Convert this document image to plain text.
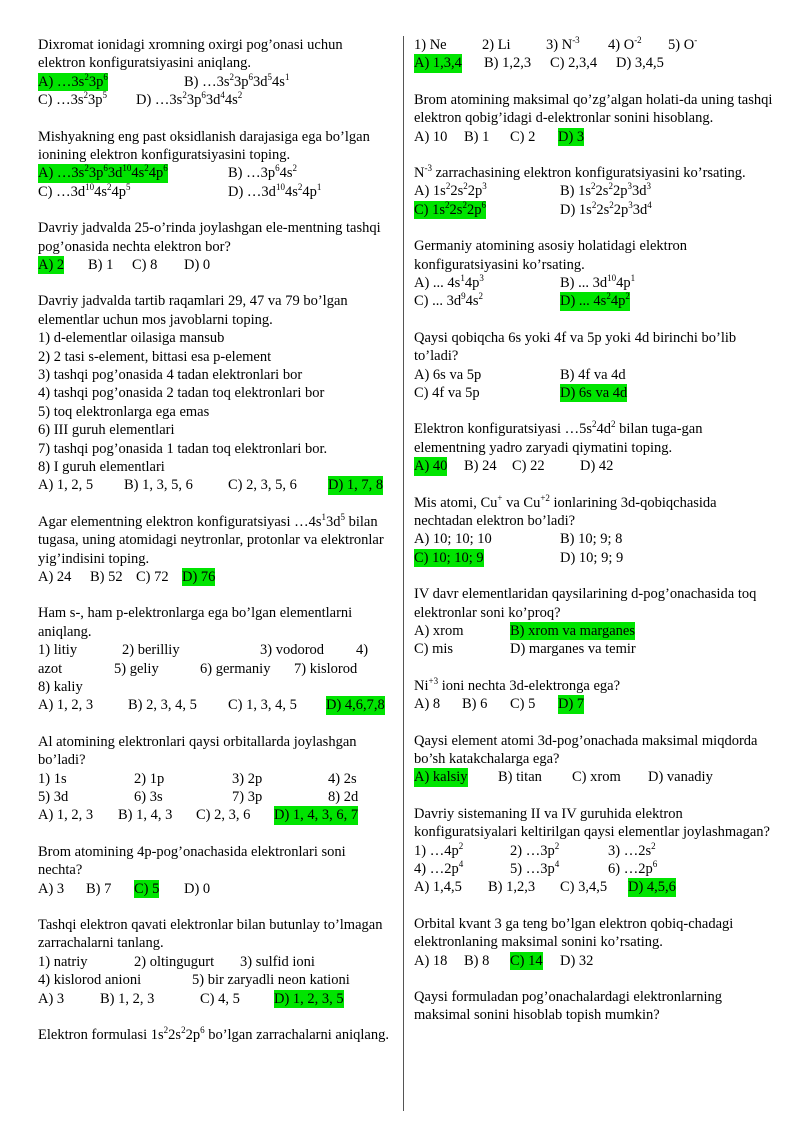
Dixromat ionidagi xromning oxirgi pog’onasi uchun elektron konfiguratsiyasini aniqlang.
A) $\dots 3s^23p^6$	B) $\dots 3s^23p^63d^54s^1$
C) $\dots 3s^23p^5$ D) $\dots 3s^23p^63d^44s^2$
Mishyakning eng past oksidlanish darajasiga ega bo’lgan ionining elektron konfiguratsiyasini toping.
A) $\dots 3s^23p^63d^{10}4s^24p^6$	B) $\dots 3p^64s^2$
C) $\dots 3d^{10}4s^24p^5$	D) $\dots 3d^{10}4s^24p^1$
Davriy jadvalda 25-o’rinda joylashgan ele-mentning tashqi pog’onasida nechta elektron bor?
A) 2 B) 1 C) 8 D) 0
Davriy jadvalda tartib raqamlari 29, 47 va 79 bo’lgan elementlar uchun mos javoblarni toping.
1) d-elementlar oilasiga mansub
2) 2 tasi s-element, bittasi esa p-element
3) tashqi pog’onasida 4 tadan elektronlari bor
4) tashqi pog’onasida 2 tadan toq elektronlari bor
5) toq elektronlarga ega emas
6) III guruh elementlari
7) tashqi pog’onasida 1 tadan toq elektronlari bor.
8) I guruh elementlari
A) 1, 2, 5 B) 1, 3, 5, 6 C) 2, 3, 5, 6 D) 1, 7, 8
Agar elementning elektron konfiguratsiyasi $\dots 4s^13d^5$ bilan tugasa, uning atomidagi neytronlar, protonlar va elektronlar yig’indisini toping.
A) 24 B) 52 C) 72 D) 76
Ham s-, ham p-elektronlarga ega bo’lgan elementlarni aniqlang.
1) litiy	2) berilliy	3) vodorod 4)
azot	5) geliy	6) germaniy 7) kislorod
8) kaliy
A) 1, 2, 3 B) 2, 3, 4, 5 C) 1, 3, 4, 5 D) 4,6,7,8
Al atomining elektronlari qaysi orbitallarda joylashgan bo’ladi?
1) 1s	2) 1p	3) 2p	4) 2s
5) 3d	6) 3s	7) 3p	8) 2d
A) 1, 2, 3 B) 1, 4, 3 C) 2, 3, 6 D) 1, 4, 3, 6, 7
Brom atomining 4p-pog’onachasida elektronlari soni nechta?
A) 3 B) 7 C) 5 D) 0
Tashqi elektron qavati elektronlar bilan butunlay to’lmagan zarrachalarni tanlang.
1) natriy	2) oltingugurt 3) sulfid ioni
4) kislorod anioni	5) bir zaryadli neon kationi
A) 3 B) 1, 2, 3	C) 4, 5 D) 1, 2, 3, 5
Elektron formulasi $1s^22s^22p^6$ bo’lgan zarrachalarni aniqlang.
1) Ne 2) Li 3) $N^{-3}$ 4) $O^{-2}$ 5) O-
A) 1,3,4 B) 1,2,3 C) 2,3,4 D) 3,4,5
Brom atomining maksimal qo’zg’algan holati-da uning tashqi elektron qobig’idagi d-elektronlar sonini hisoblang.
A) 10 B) 1 C) 2 D) 3
$N^{-3}$ zarrachasining elektron konfiguratsiyasini ko’rsating.
A) $1s^22s^22p^3$	B) $1s^22s^22p^33d^3$
C) $1s^22s^22p^6$	D) $1s^22s^22p^33d^4$
Germaniy atomining asosiy holatidagi elektron konfiguratsiyasini ko’rsating.
A) ... $4s^14p^3$	B) ... $3d^{10}4p^1$
C) ... $3d^94s^2$	D) ... $4s^24p^2$
Qaysi qobiqcha 6s yoki 4f va 5p yoki 4d birinchi bo’lib to’ladi?
A) 6s va 5p	B) 4f va 4d
C) 4f va 5p	D) 6s va 4d
Elektron konfiguratsiyasi $\dots 5s^24d^2$ bilan tuga-gan elementning yadro zaryadi qiymatini toping.
A) 40 B) 24 C) 22 D) 42
Mis atomi, Cu+ va $Cu^{+2}$ ionlarining 3d-qobiqchasida nechtadan elektron bo’ladi?
A) 10; 10; 10	B) 10; 9; 8
C) 10; 10; 9	D) 10; 9; 9
IV davr elementlaridan qaysilarining d-pog’onachasida toq elektronlar soni ko’proq?
A) xrom	B) xrom va marganes
C) mis	D) marganes va temir
$Ni^{+3}$ ioni nechta 3d-elektronga ega?
A) 8 B) 6 C) 5 D) 7
Qaysi element atomi 3d-pog’onachada maksimal miqdorda bo’sh katakchalarga ega?
A) kalsiy B) titan C) xrom D) vanadiy
Davriy sistemaning II va IV guruhida elektron konfiguratsiyalari keltirilgan qaysi elementlar joylashmagan?
1) $\dots 4p^2$	2) $\dots 3p^2$	3) $\dots 2s^2$
4) $\dots 2p^4$	5) $\dots 3p^4$	6) $\dots 2p^6$
A) 1,4,5 B) 1,2,3 C) 3,4,5 D) 4,5,6
Orbital kvant 3 ga teng bo’lgan elektron qobiq-chadagi elektronlaning maksimal sonini ko’rsating.
A) 18 B) 8 C) 14 D) 32
Qaysi formuladan pog’onachalardagi elektronlarning maksimal sonini hisoblab topish mumkin?
